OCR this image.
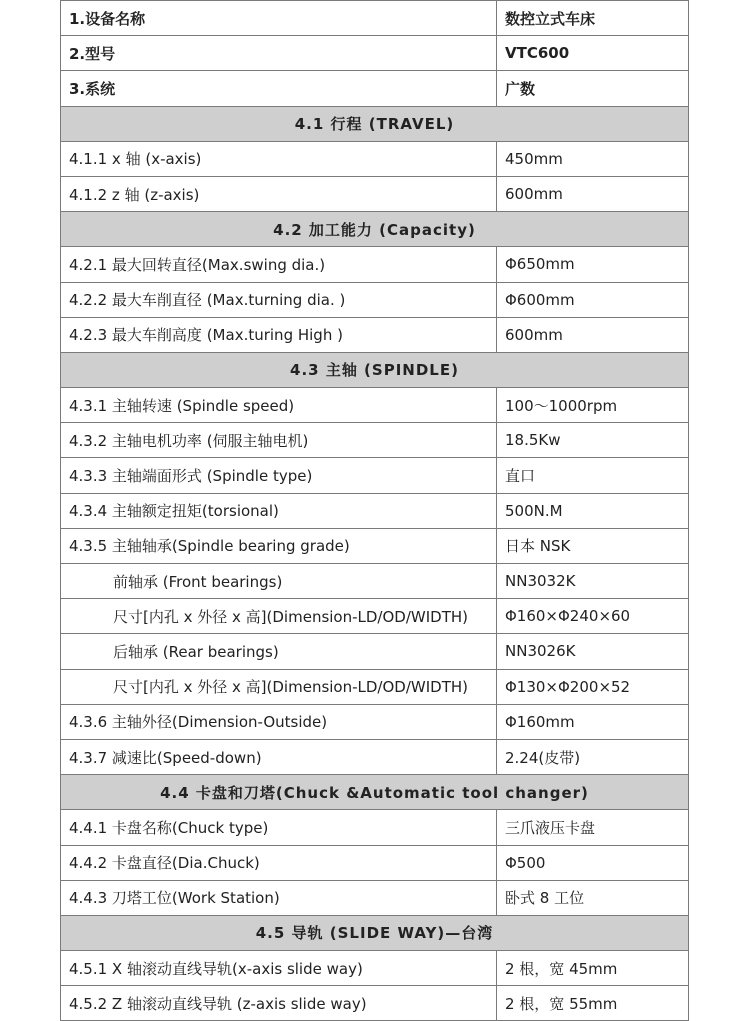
1.设备名称	数控立式车床
2.型号	VTC600
3.系统	广数
4.1 行程 (TRAVEL)	
4.1.1 x 轴 (x-axis)	450mm
4.1.2 z 轴 (z-axis)	600mm
4.2 加工能力 (Capacity)	
4.2.1 最大回转直径(Max.swing dia.)	Φ650mm
4.2.2 最大车削直径 (Max.turning dia. )	Φ600mm
4.2.3 最大车削高度 (Max.turing High )	600mm
4.3 主轴 (SPINDLE)	
4.3.1 主轴转速 (Spindle speed)	100～1000rpm
4.3.2 主轴电机功率 (伺服主轴电机)	18.5Kw
4.3.3 主轴端面形式 (Spindle type)	直口
4.3.4 主轴额定扭矩(torsional)	500N.M
4.3.5 主轴轴承(Spindle bearing grade)	日本 NSK
前轴承 (Front bearings)	NN3032K
尺寸[内孔 x 外径 x 高](Dimension-LD/OD/WIDTH)	Φ160×Φ240×60
后轴承 (Rear bearings)	NN3026K
尺寸[内孔 x 外径 x 高](Dimension-LD/OD/WIDTH)	Φ130×Φ200×52
4.3.6 主轴外径(Dimension-Outside)	Φ160mm
4.3.7 减速比(Speed-down)	2.24(皮带)
4.4 卡盘和刀塔(Chuck &Automatic tool changer)	
4.4.1 卡盘名称(Chuck type)	三爪液压卡盘
4.4.2 卡盘直径(Dia.Chuck)	Φ500
4.4.3 刀塔工位(Work Station)	卧式 8 工位
4.5 导轨 (SLIDE WAY)—台湾	
4.5.1 X 轴滚动直线导轨(x-axis slide way)	2 根，宽 45mm
4.5.2 Z 轴滚动直线导轨 (z-axis slide way)	2 根，宽 55mm
